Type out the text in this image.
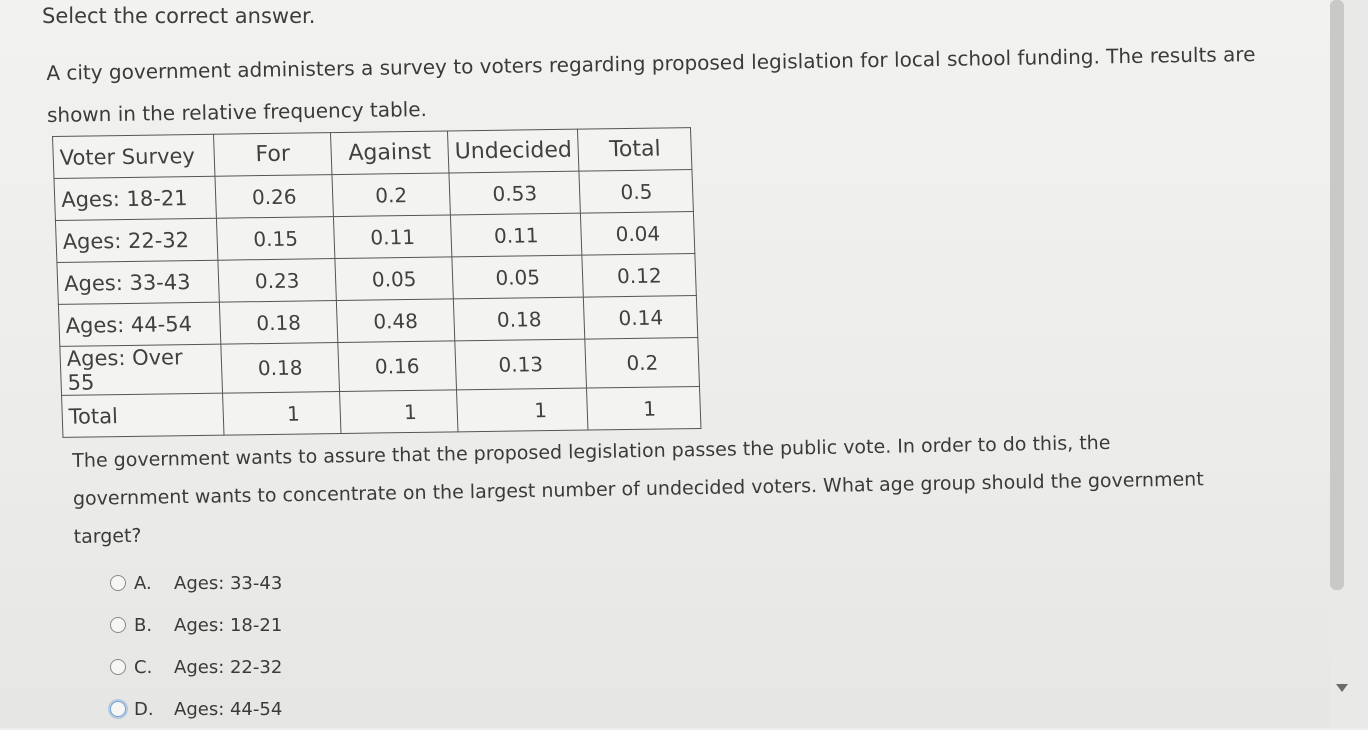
Select the correct answer.
A city government administers a survey to voters regarding proposed legislation for local school funding. The results are shown in the relative frequency table.
Voter Survey	For	Against	Undecided	Total
Ages: 18-21	0.26	0.2	0.53	0.5
Ages: 22-32	0.15	0.11	0.11	0.04
Ages: 33-43	0.23	0.05	0.05	0.12
Ages: 44-54	0.18	0.48	0.18	0.14
Ages: Over 55	0.18	0.16	0.13	0.2
Total	1	1	1	1
The government wants to assure that the proposed legislation passes the public vote. In order to do this, the government wants to concentrate on the largest number of undecided voters. What age group should the government target?
A.	Ages: 33-43
B.	Ages: 18-21
C.	Ages: 22-32
D.	Ages: 44-54
